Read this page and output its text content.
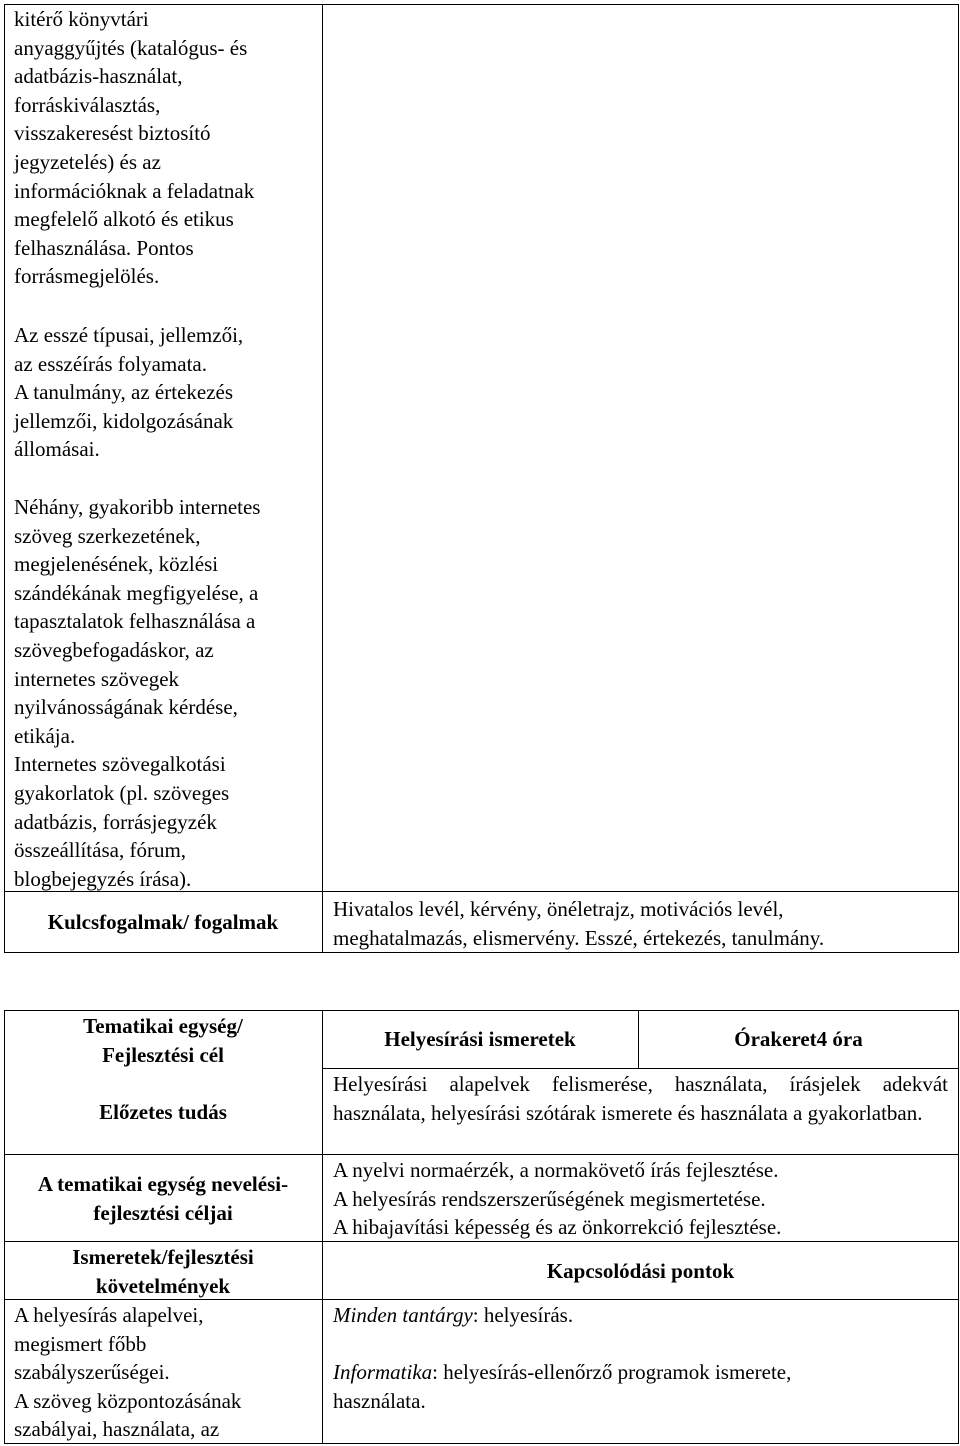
kitérő könyvtári
anyaggyűjtés (katalógus- és
adatbázis-használat,
forráskiválasztás,
visszakeresést biztosító
jegyzetelés) és az
információknak a feladatnak
megfelelő alkotó és etikus
felhasználása. Pontos
forrásmegjelölés.
Az esszé típusai, jellemzői,
az esszéírás folyamata.
A tanulmány, az értekezés
jellemzői, kidolgozásának
állomásai.
Néhány, gyakoribb internetes
szöveg szerkezetének,
megjelenésének, közlési
szándékának megfigyelése, a
tapasztalatok felhasználása a
szövegbefogadáskor, az
internetes szövegek
nyilvánosságának kérdése,
etikája.
Internetes szövegalkotási
gyakorlatok (pl. szöveges
adatbázis, forrásjegyzék
összeállítása, fórum,
blogbejegyzés írása).
Kulcsfogalmak/ fogalmak
Hivatalos levél, kérvény, önéletrajz, motivációs levél,
meghatalmazás, elismervény. Esszé, értekezés, tanulmány.
Tematikai egység/
Fejlesztési cél
Helyesírási ismeretek	Órakeret4 óra
Előzetes tudás
Helyesírási alapelvek felismerése, használata, írásjelek adekvát használata, helyesírási szótárak ismerete és használata a gyakorlatban.
A tematikai egység nevelési-
fejlesztési céljai
A nyelvi normaérzék, a normakövető írás fejlesztése.
A helyesírás rendszerszerűségének megismertetése.
A hibajavítási képesség és az önkorrekció fejlesztése.
Ismeretek/fejlesztési
követelmények
Kapcsolódási pontok
A helyesírás alapelvei,
megismert főbb
szabályszerűségei.
A szöveg központozásának
szabályai, használata, az
Minden tantárgy: helyesírás.
Informatika: helyesírás-ellenőrző programok ismerete,
használata.
